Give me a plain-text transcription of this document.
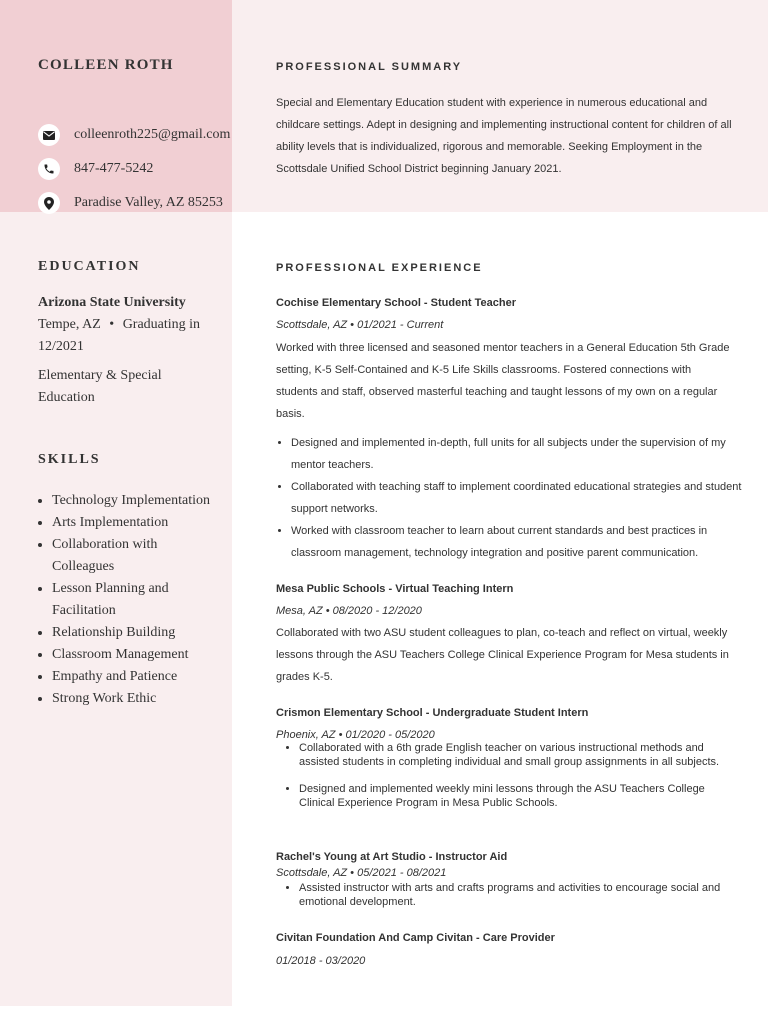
COLLEEN ROTH
colleenroth225@gmail.com
847-477-5242
Paradise Valley, AZ 85253
EDUCATION
Arizona State University
Tempe, AZ • Graduating in 12/2021
Elementary & Special Education
SKILLS
• Technology Implementation
• Arts Implementation
• Collaboration with Colleagues
• Lesson Planning and Facilitation
• Relationship Building
• Classroom Management
• Empathy and Patience
• Strong Work Ethic
PROFESSIONAL SUMMARY
Special and Elementary Education student with experience in numerous educational and childcare settings. Adept in designing and implementing instructional content for children of all ability levels that is individualized, rigorous and memorable. Seeking Employment in the Scottsdale Unified School District beginning January 2021.
PROFESSIONAL EXPERIENCE
Cochise Elementary School - Student Teacher
Scottsdale, AZ • 01/2021 - Current
Worked with three licensed and seasoned mentor teachers in a General Education 5th Grade setting, K-5 Self-Contained and K-5 Life Skills classrooms. Fostered connections with students and staff, observed masterful teaching and taught lessons of my own on a regular basis.
• Designed and implemented in-depth, full units for all subjects under the supervision of my mentor teachers.
• Collaborated with teaching staff to implement coordinated educational strategies and student support networks.
• Worked with classroom teacher to learn about current standards and best practices in classroom management, technology integration and positive parent communication.
Mesa Public Schools - Virtual Teaching Intern
Mesa, AZ • 08/2020 - 12/2020
Collaborated with two ASU student colleagues to plan, co-teach and reflect on virtual, weekly lessons through the ASU Teachers College Clinical Experience Program for Mesa students in grades K-5.
Crismon Elementary School - Undergraduate Student Intern
Phoenix, AZ • 01/2020 - 05/2020
• Collaborated with a 6th grade English teacher on various instructional methods and assisted students in completing individual and small group assignments in all subjects.
• Designed and implemented weekly mini lessons through the ASU Teachers College Clinical Experience Program in Mesa Public Schools.
Rachel's Young at Art Studio - Instructor Aid
Scottsdale, AZ • 05/2021 - 08/2021
• Assisted instructor with arts and crafts programs and activities to encourage social and emotional development.
Civitan Foundation And Camp Civitan - Care Provider
01/2018 - 03/2020
